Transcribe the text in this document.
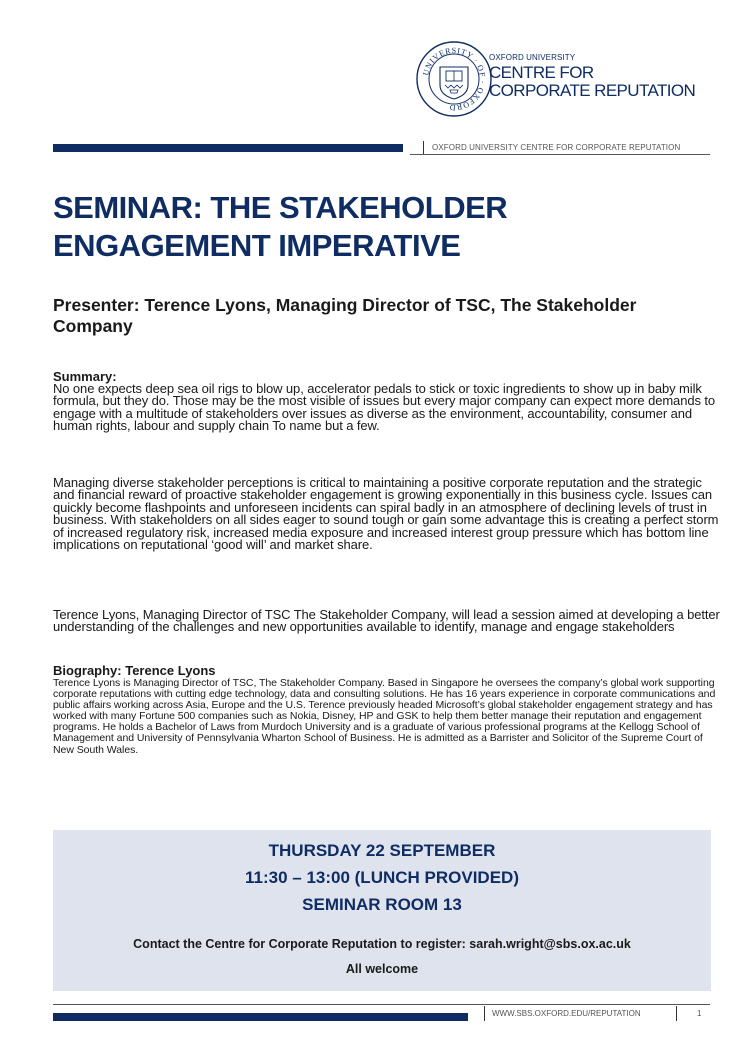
UNIVERSITY · OF · OXFORD
OXFORD UNIVERSITY
CENTRE FOR
CORPORATE REPUTATION
OXFORD UNIVERSITY CENTRE FOR CORPORATE REPUTATION
SEMINAR: THE STAKEHOLDER ENGAGEMENT IMPERATIVE
Presenter: Terence Lyons, Managing Director of TSC, The Stakeholder Company
Summary:

No one expects deep sea oil rigs to blow up, accelerator pedals to stick or toxic ingredients to show up in baby milk formula, but they do. Those may be the most visible of issues but every major company can expect more demands to engage with a multitude of stakeholders over issues as diverse as the environment, accountability, consumer and human rights, labour and supply chain To name but a few.

Managing diverse stakeholder perceptions is critical to maintaining a positive corporate reputation and the strategic and financial reward of proactive stakeholder engagement is growing exponentially in this business cycle. Issues can quickly become flashpoints and unforeseen incidents can spiral badly in an atmosphere of declining levels of trust in business. With stakeholders on all sides eager to sound tough or gain some advantage this is creating a perfect storm of increased regulatory risk, increased media exposure and increased interest group pressure which has bottom line implications on reputational ‘good will’ and market share.

Terence Lyons, Managing Director of TSC The Stakeholder Company, will lead a session aimed at developing a better understanding of the challenges and new opportunities available to identify, manage and engage stakeholders

Biography: Terence Lyons

Terence Lyons is Managing Director of TSC, The Stakeholder Company. Based in Singapore he oversees the company’s global work supporting corporate reputations with cutting edge technology, data and consulting solutions. He has 16 years experience in corporate communications and public affairs working across Asia, Europe and the U.S. Terence previously headed Microsoft’s global stakeholder engagement strategy and has worked with many Fortune 500 companies such as Nokia, Disney, HP and GSK to help them better manage their reputation and engagement programs. He holds a Bachelor of Laws from Murdoch University and is a graduate of various professional programs at the Kellogg School of Management and University of Pennsylvania Wharton School of Business. He is admitted as a Barrister and Solicitor of the Supreme Court of New South Wales.

THURSDAY 22 SEPTEMBER
11:30 – 13:00 (LUNCH PROVIDED)
SEMINAR ROOM 13
Contact the Centre for Corporate Reputation to register: sarah.wright@sbs.ox.ac.uk
All welcome
WWW.SBS.OXFORD.EDU/REPUTATION	1
